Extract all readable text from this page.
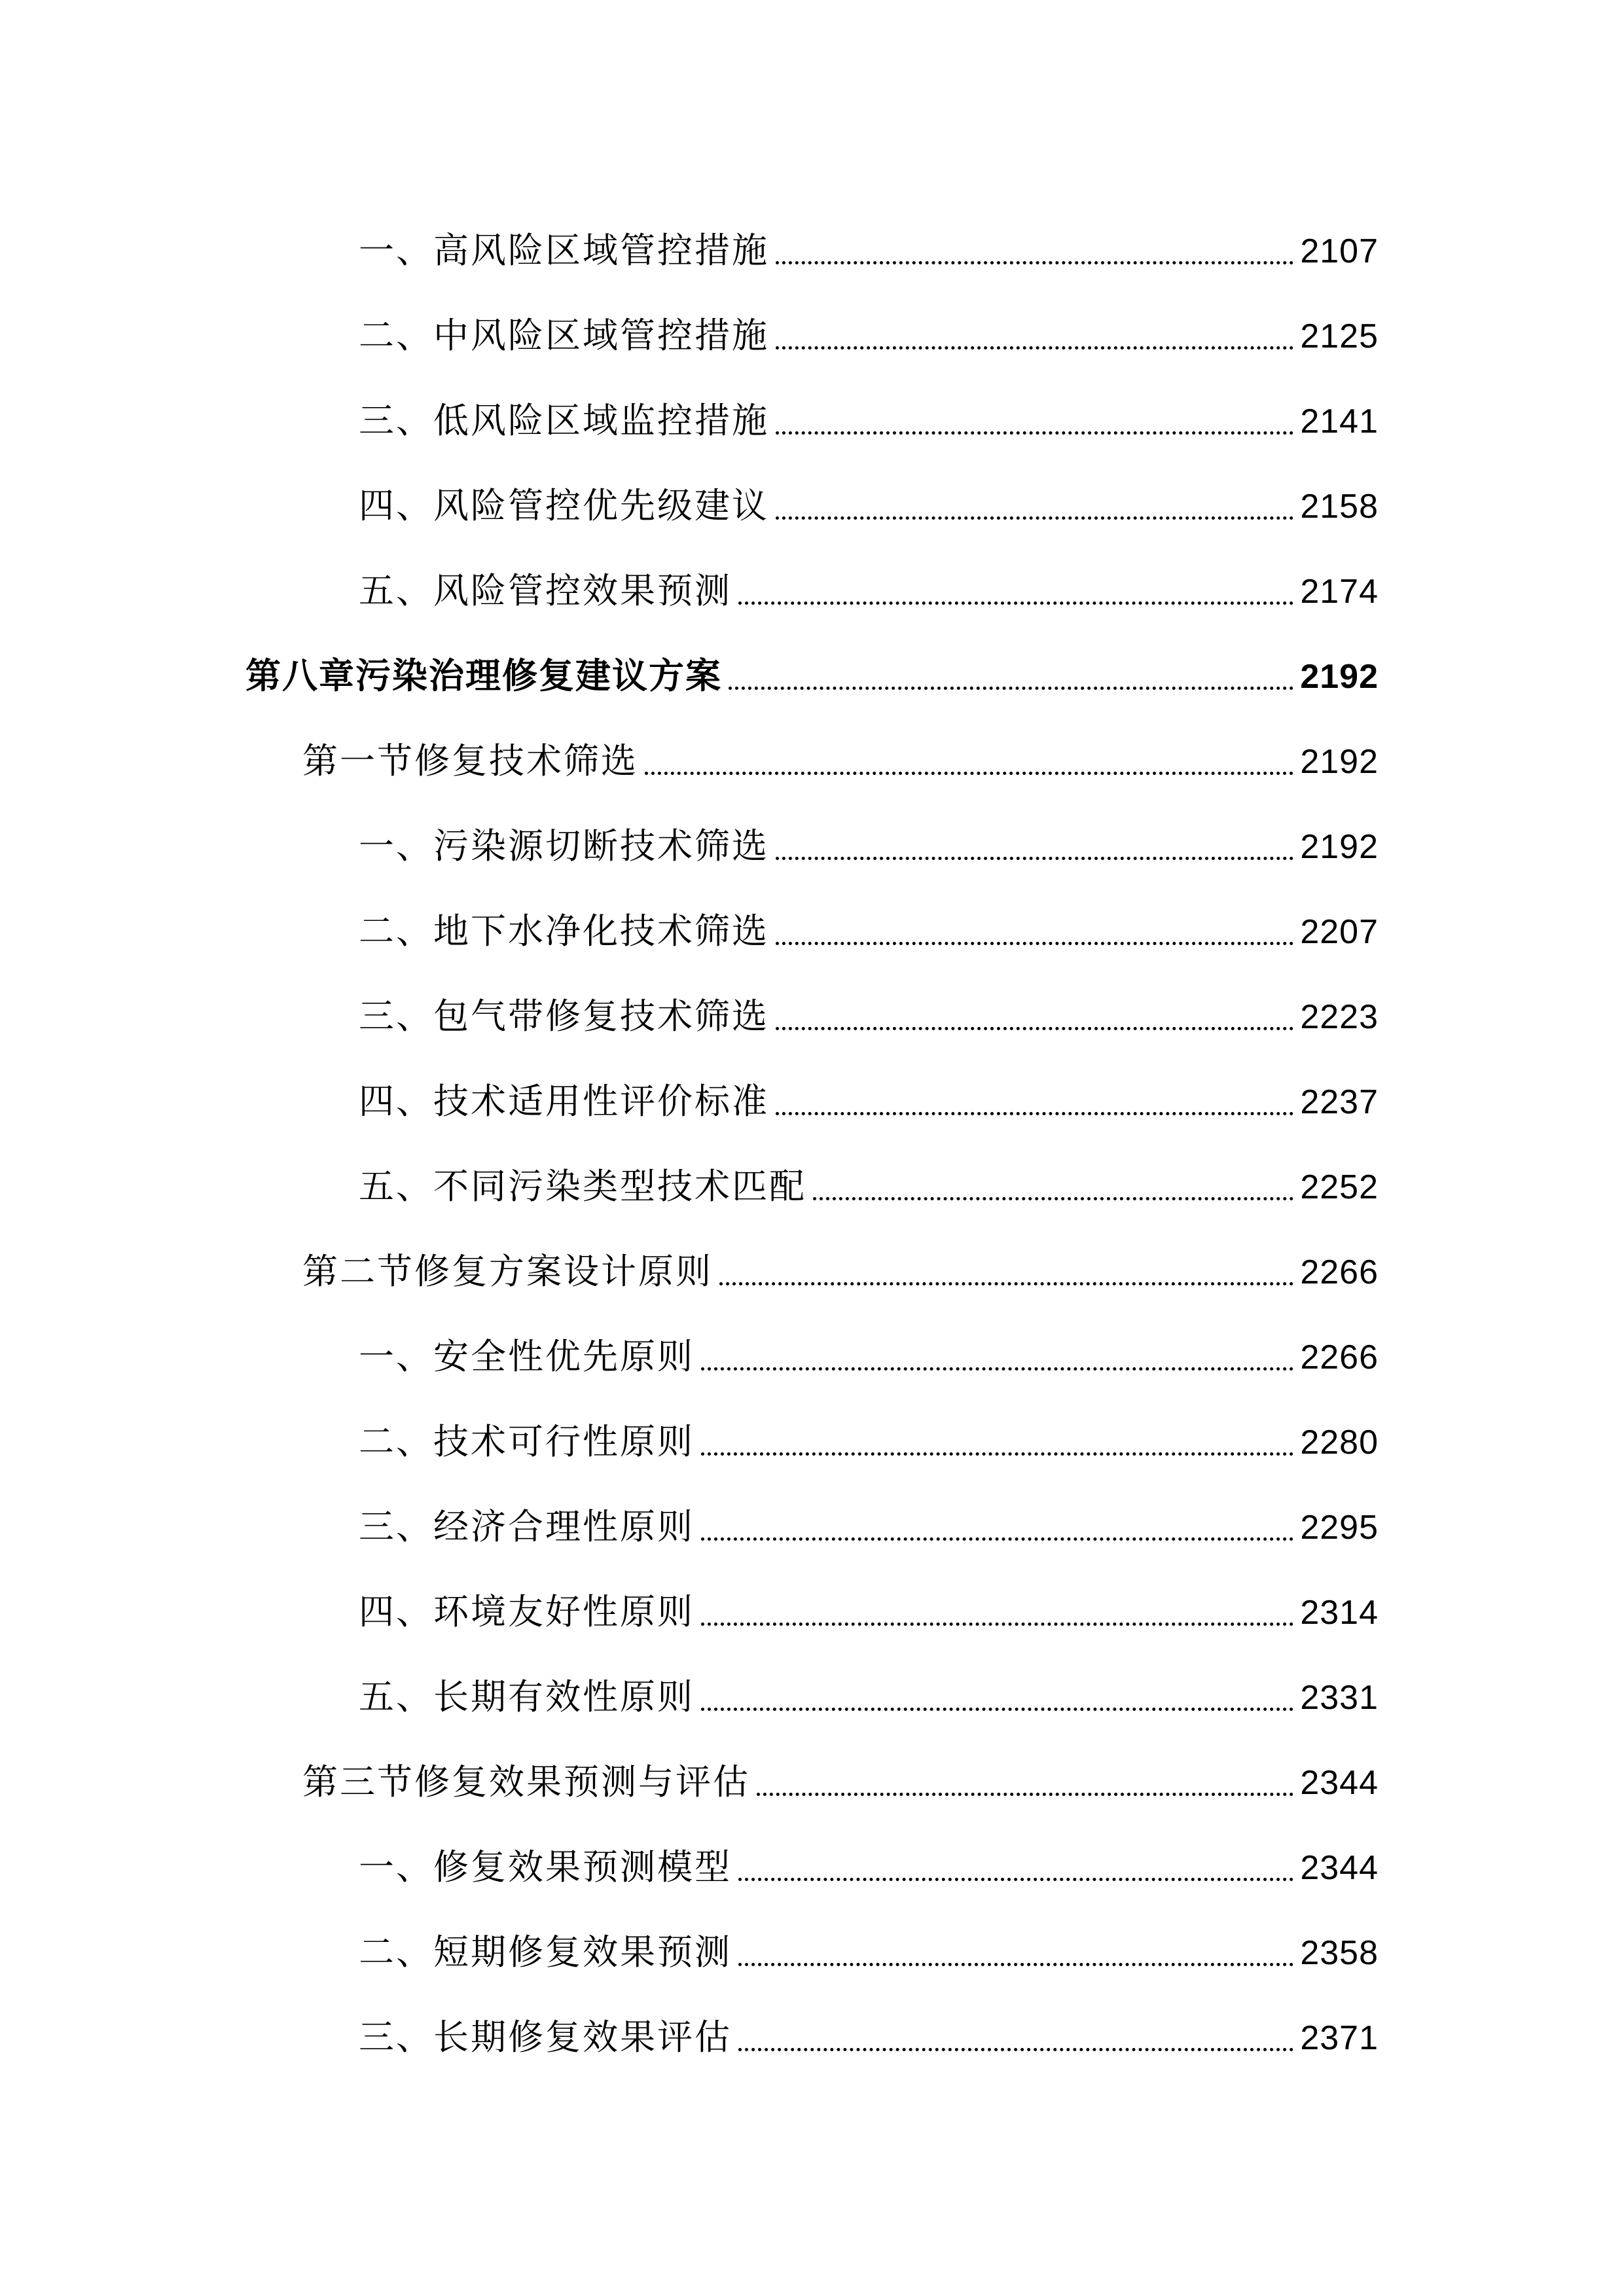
一、高风险区域管控措施	2107
二、中风险区域管控措施	2125
三、低风险区域监控措施	2141
四、风险管控优先级建议	2158
五、风险管控效果预测	2174
第八章污染治理修复建议方案	2192
第一节修复技术筛选	2192
一、污染源切断技术筛选	2192
二、地下水净化技术筛选	2207
三、包气带修复技术筛选	2223
四、技术适用性评价标准	2237
五、不同污染类型技术匹配	2252
第二节修复方案设计原则	2266
一、安全性优先原则	2266
二、技术可行性原则	2280
三、经济合理性原则	2295
四、环境友好性原则	2314
五、长期有效性原则	2331
第三节修复效果预测与评估	2344
一、修复效果预测模型	2344
二、短期修复效果预测	2358
三、长期修复效果评估	2371
